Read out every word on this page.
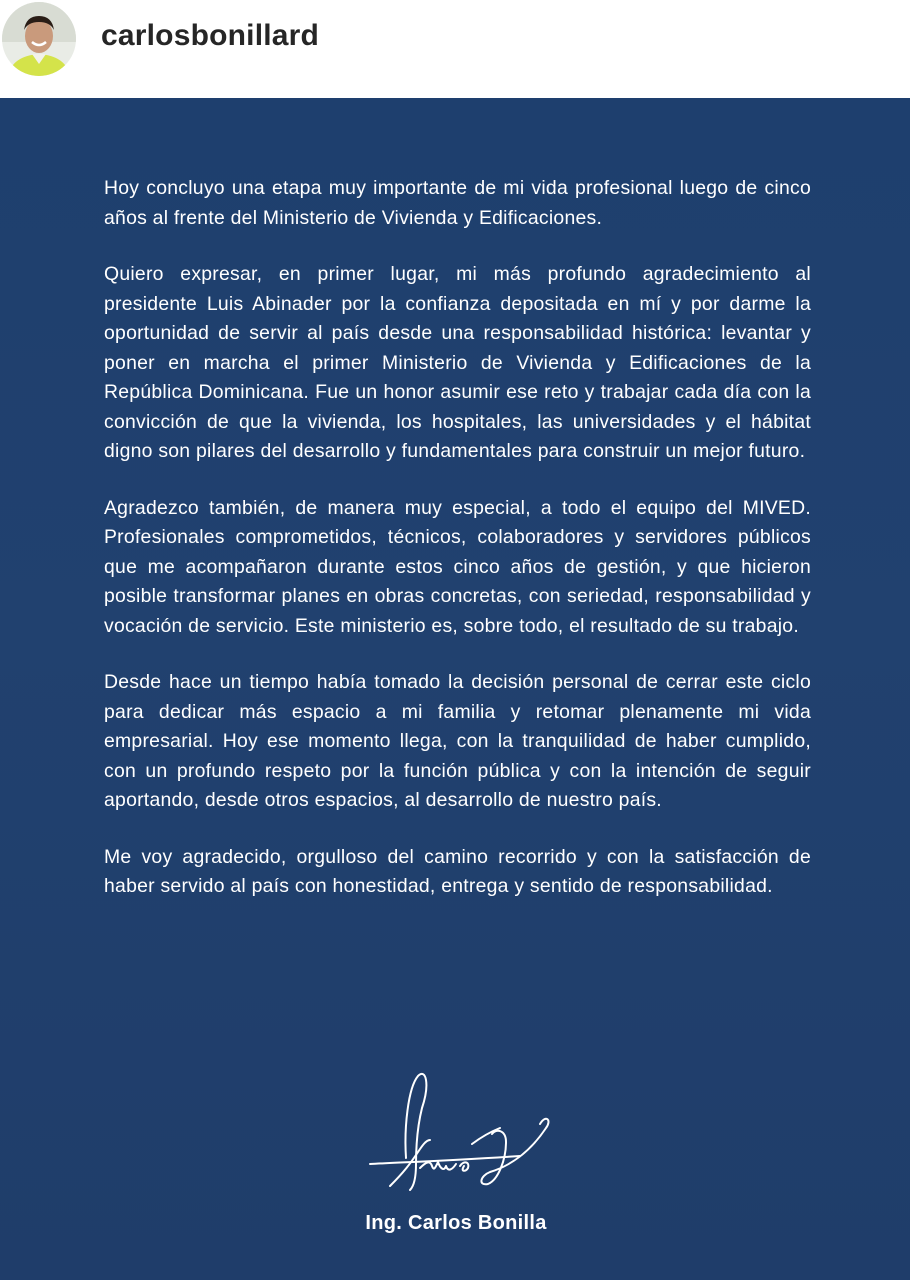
carlosbonillard

Hoy concluyo una etapa muy importante de mi vida profesional luego de cinco años al frente del Ministerio de Vivienda y Edificaciones.

Quiero expresar, en primer lugar, mi más profundo agradecimiento al presidente Luis Abinader por la confianza depositada en mí y por darme la oportunidad de servir al país desde una responsabilidad histórica: levantar y poner en marcha el primer Ministerio de Vivienda y Edificaciones de la República Dominicana. Fue un honor asumir ese reto y trabajar cada día con la convicción de que la vivienda, los hospitales, las universidades y el hábitat digno son pilares del desarrollo y fundamentales para construir un mejor futuro.

Agradezco también, de manera muy especial, a todo el equipo del MIVED. Profesionales comprometidos, técnicos, colaboradores y servidores públicos que me acompañaron durante estos cinco años de gestión, y que hicieron posible transformar planes en obras concretas, con seriedad, responsabilidad y vocación de servicio. Este ministerio es, sobre todo, el resultado de su trabajo.

Desde hace un tiempo había tomado la decisión personal de cerrar este ciclo para dedicar más espacio a mi familia y retomar plenamente mi vida empresarial. Hoy ese momento llega, con la tranquilidad de haber cumplido, con un profundo respeto por la función pública y con la intención de seguir aportando, desde otros espacios, al desarrollo de nuestro país.

Me voy agradecido, orgulloso del camino recorrido y con la satisfacción de haber servido al país con honestidad, entrega y sentido de responsabilidad.

Ing. Carlos Bonilla
